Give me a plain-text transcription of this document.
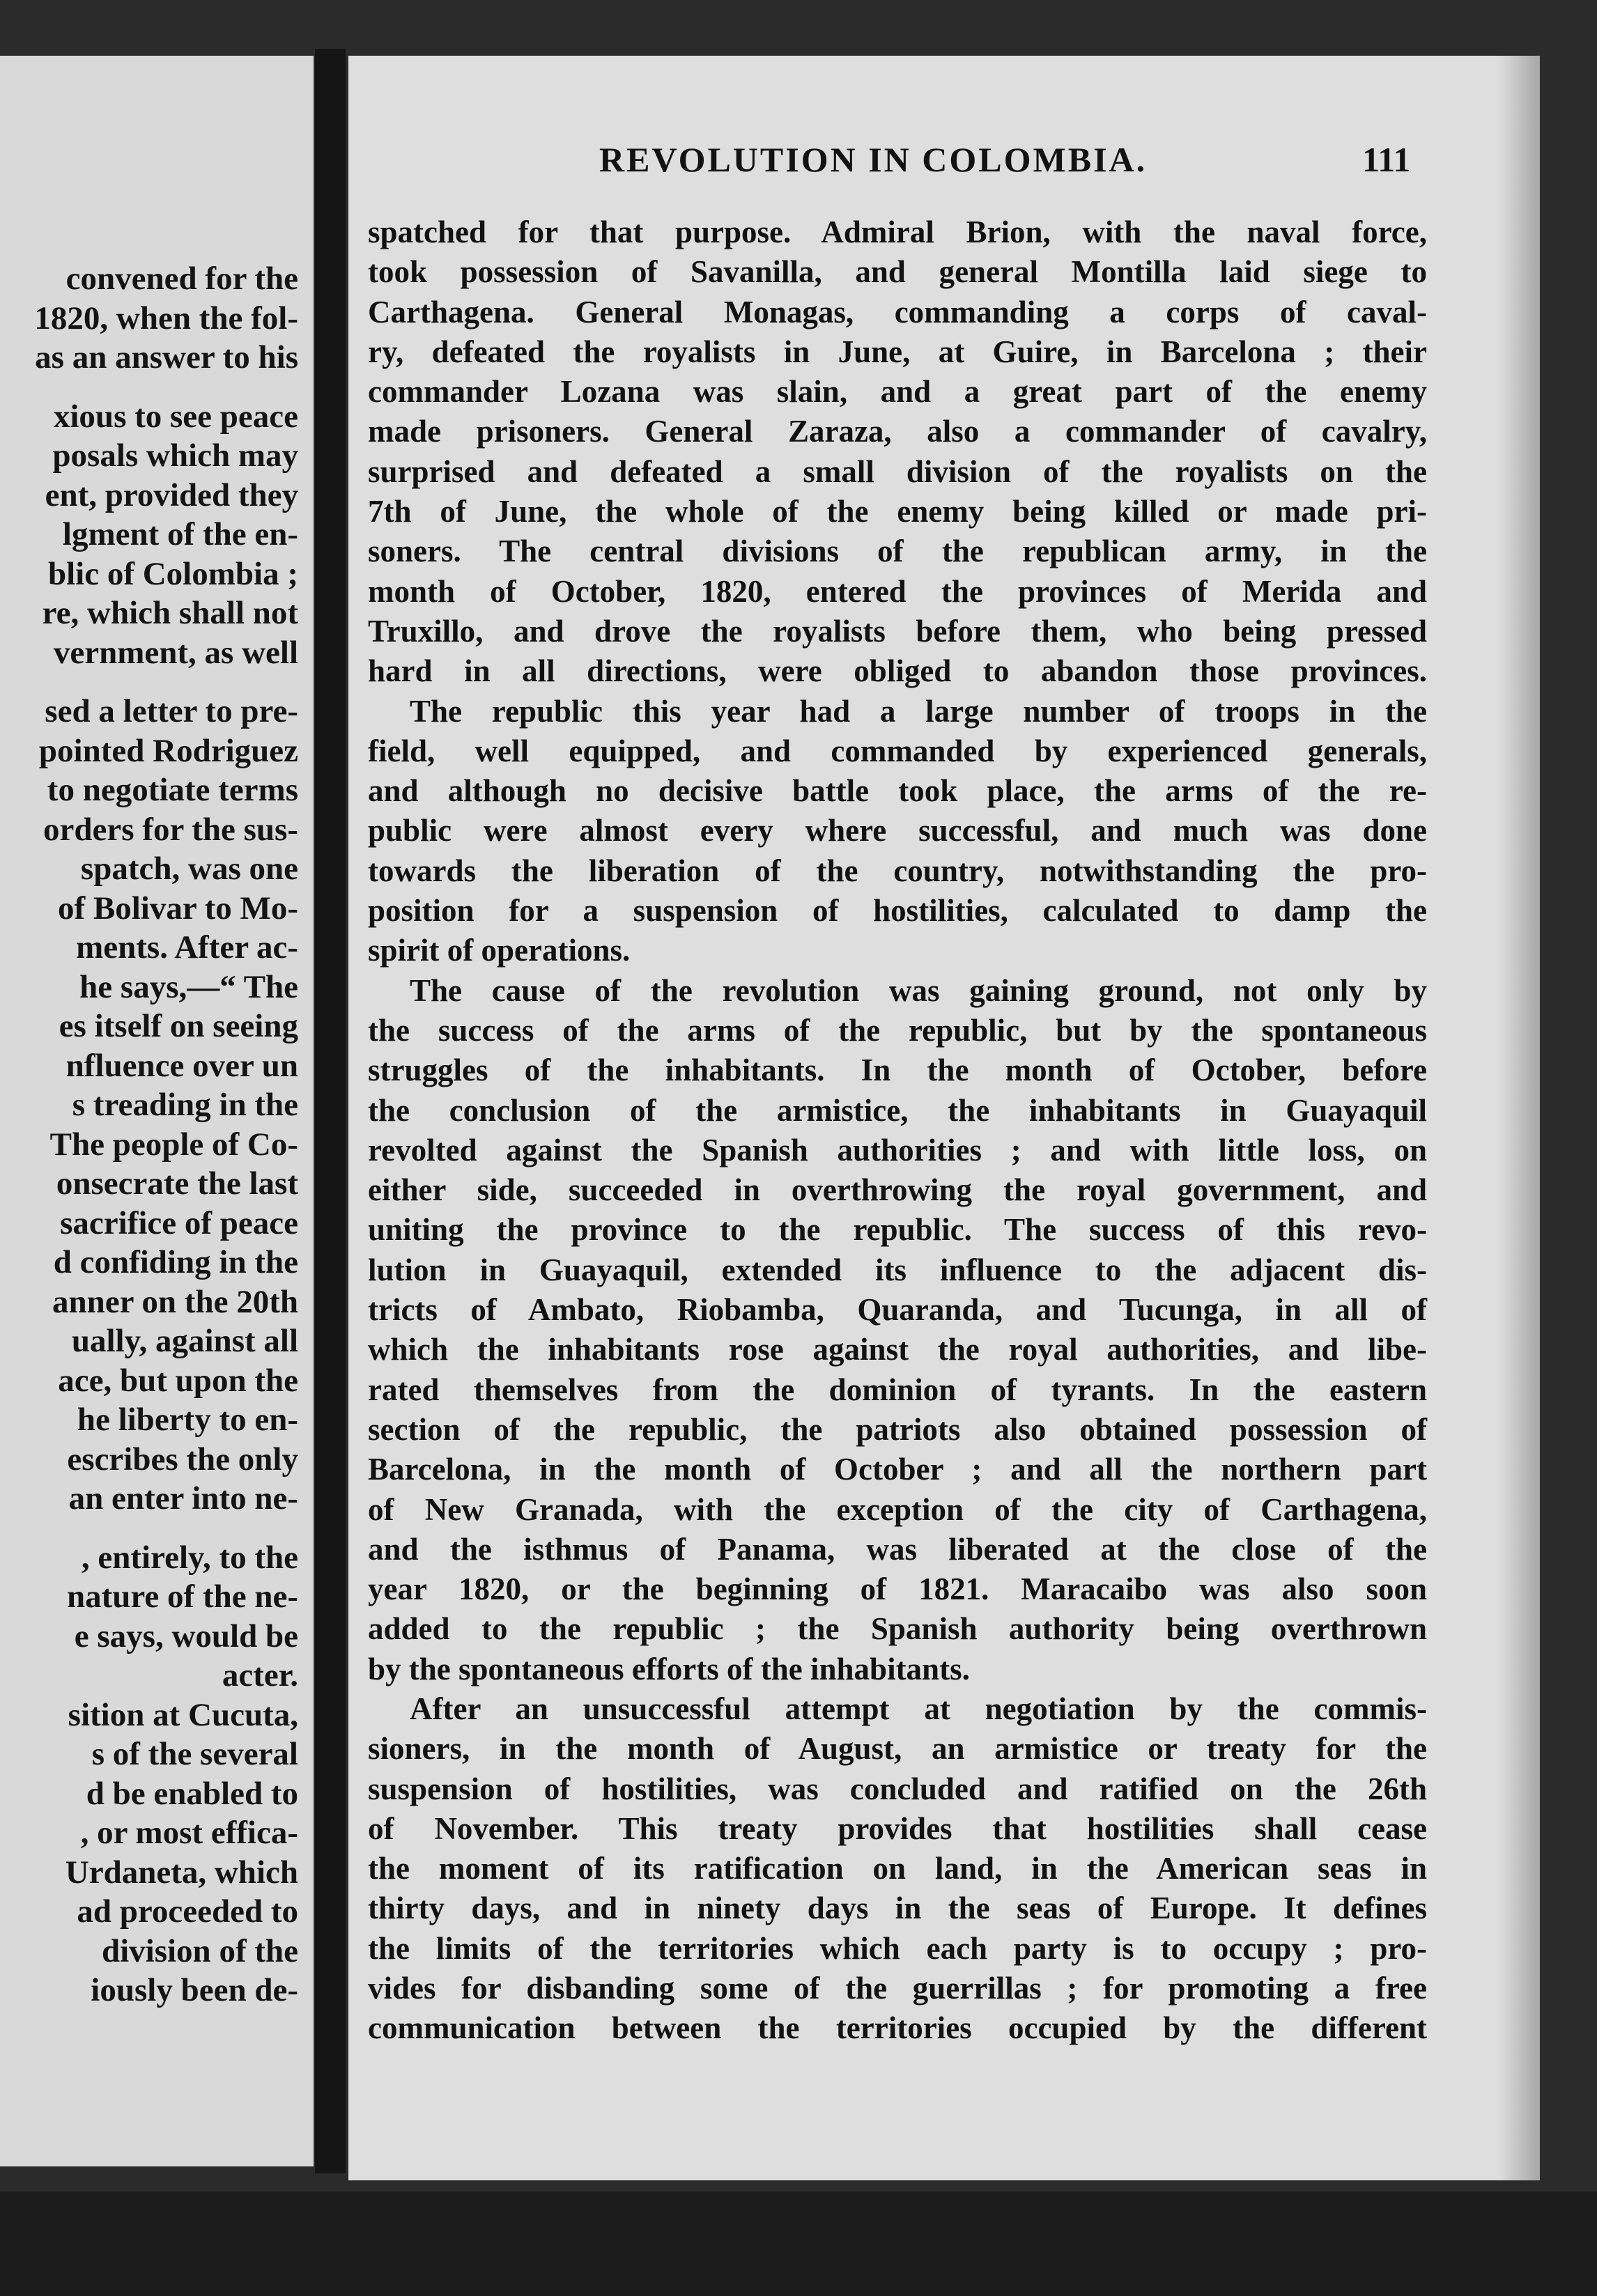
convened for the
1820, when the fol-
as an answer to his
xious to see peace
posals which may
ent, provided they
lgment of the en-
blic of Colombia ;
re, which shall not
vernment, as well
sed a letter to pre-
pointed Rodriguez
to negotiate terms
orders for the sus-
spatch, was one
of Bolivar to Mo-
ments. After ac-
he says,—“ The
es itself on seeing
nfluence over un
s treading in the
The people of Co-
onsecrate the last
sacrifice of peace
d confiding in the
anner on the 20th
ually, against all
ace, but upon the
he liberty to en-
escribes the only
an enter into ne-
, entirely, to the
nature of the ne-
e says, would be
acter.
sition at Cucuta,
s of the several
d be enabled to
, or most effica-
Urdaneta, which
ad proceeded to
division of the
iously been de-
REVOLUTION IN COLOMBIA.	111
spatched for that purpose. Admiral Brion, with the naval force,
took possession of Savanilla, and general Montilla laid siege to
Carthagena. General Monagas, commanding a corps of caval-
ry, defeated the royalists in June, at Guire, in Barcelona ; their
commander Lozana was slain, and a great part of the enemy
made prisoners. General Zaraza, also a commander of cavalry,
surprised and defeated a small division of the royalists on the
7th of June, the whole of the enemy being killed or made pri-
soners. The central divisions of the republican army, in the
month of October, 1820, entered the provinces of Merida and
Truxillo, and drove the royalists before them, who being pressed
hard in all directions, were obliged to abandon those provinces.
The republic this year had a large number of troops in the
field, well equipped, and commanded by experienced generals,
and although no decisive battle took place, the arms of the re-
public were almost every where successful, and much was done
towards the liberation of the country, notwithstanding the pro-
position for a suspension of hostilities, calculated to damp the
spirit of operations.
The cause of the revolution was gaining ground, not only by
the success of the arms of the republic, but by the spontaneous
struggles of the inhabitants. In the month of October, before
the conclusion of the armistice, the inhabitants in Guayaquil
revolted against the Spanish authorities ; and with little loss, on
either side, succeeded in overthrowing the royal government, and
uniting the province to the republic. The success of this revo-
lution in Guayaquil, extended its influence to the adjacent dis-
tricts of Ambato, Riobamba, Quaranda, and Tucunga, in all of
which the inhabitants rose against the royal authorities, and libe-
rated themselves from the dominion of tyrants. In the eastern
section of the republic, the patriots also obtained possession of
Barcelona, in the month of October ; and all the northern part
of New Granada, with the exception of the city of Carthagena,
and the isthmus of Panama, was liberated at the close of the
year 1820, or the beginning of 1821. Maracaibo was also soon
added to the republic ; the Spanish authority being overthrown
by the spontaneous efforts of the inhabitants.
After an unsuccessful attempt at negotiation by the commis-
sioners, in the month of August, an armistice or treaty for the
suspension of hostilities, was concluded and ratified on the 26th
of November. This treaty provides that hostilities shall cease
the moment of its ratification on land, in the American seas in
thirty days, and in ninety days in the seas of Europe. It defines
the limits of the territories which each party is to occupy ; pro-
vides for disbanding some of the guerrillas ; for promoting a free
communication between the territories occupied by the different
